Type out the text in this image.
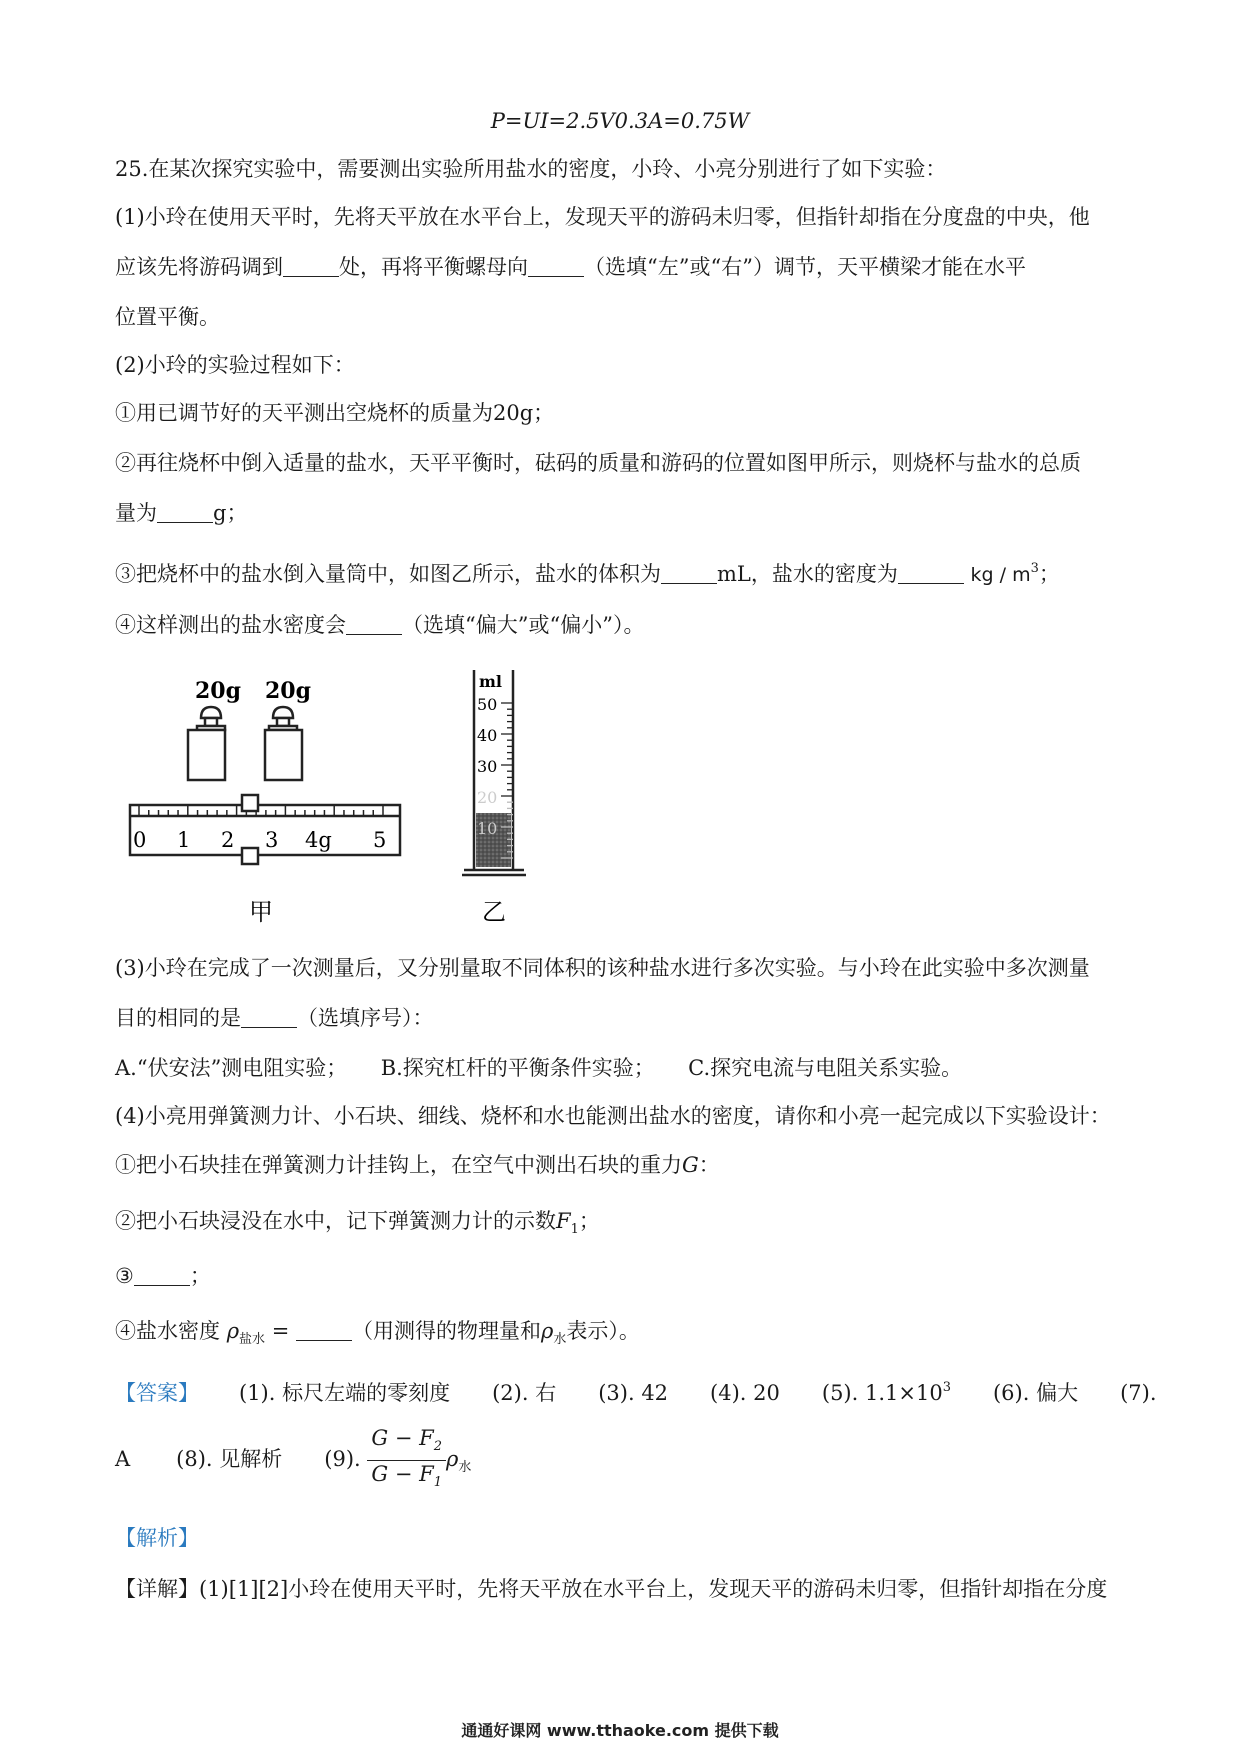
P=UI=2.5V0.3A=0.75W
25.在某次探究实验中，需要测出实验所用盐水的密度，小玲、小亮分别进行了如下实验：
(1)小玲在使用天平时，先将天平放在水平台上，发现天平的游码未归零，但指针却指在分度盘的中央，他
应该先将游码调到	处，再将平衡螺母向	（选填“左”或“右”）调节，天平横梁才能在水平
位置平衡。
(2)小玲的实验过程如下：
①用已调节好的天平测出空烧杯的质量为20g；
②再往烧杯中倒入适量的盐水，天平平衡时，砝码的质量和游码的位置如图甲所示，则烧杯与盐水的总质
量为	g；
③把烧杯中的盐水倒入量筒中，如图乙所示，盐水的体积为	mL，盐水的密度为	kg / $m^3$；
④这样测出的盐水密度会	（选填“偏大”或“偏小”）。
20g 20g
0 1 2 3 4g 5
甲
ml
50
40
30
20
10
乙
(3)小玲在完成了一次测量后，又分别量取不同体积的该种盐水进行多次实验。与小玲在此实验中多次测量
目的相同的是	（选填序号）：
A.“伏安法”测电阻实验；     B.探究杠杆的平衡条件实验；     C.探究电流与电阻关系实验。
(4)小亮用弹簧测力计、小石块、细线、烧杯和水也能测出盐水的密度，请你和小亮一起完成以下实验设计：
①把小石块挂在弹簧测力计挂钩上，在空气中测出石块的重力G：
②把小石块浸没在水中，记下弹簧测力计的示数$F_1$；
③	；
④盐水密度 $\rho_{盐水}$ =	（用测得的物理量和$\rho_水$表示）。
【答案】 (1). 标尺左端的零刻度 (2). 右 (3). 42 (4). 20 (5). $1.1\times 10^3$ (6). 偏大 (7).
A (8). 见解析 (9). $\frac{G - F_2}{G - F_1} \rho_水$
【解析】
【详解】(1)[1][2]小玲在使用天平时，先将天平放在水平台上，发现天平的游码未归零，但指针却指在分度
通通好课网 www.tthaoke.com 提供下载
